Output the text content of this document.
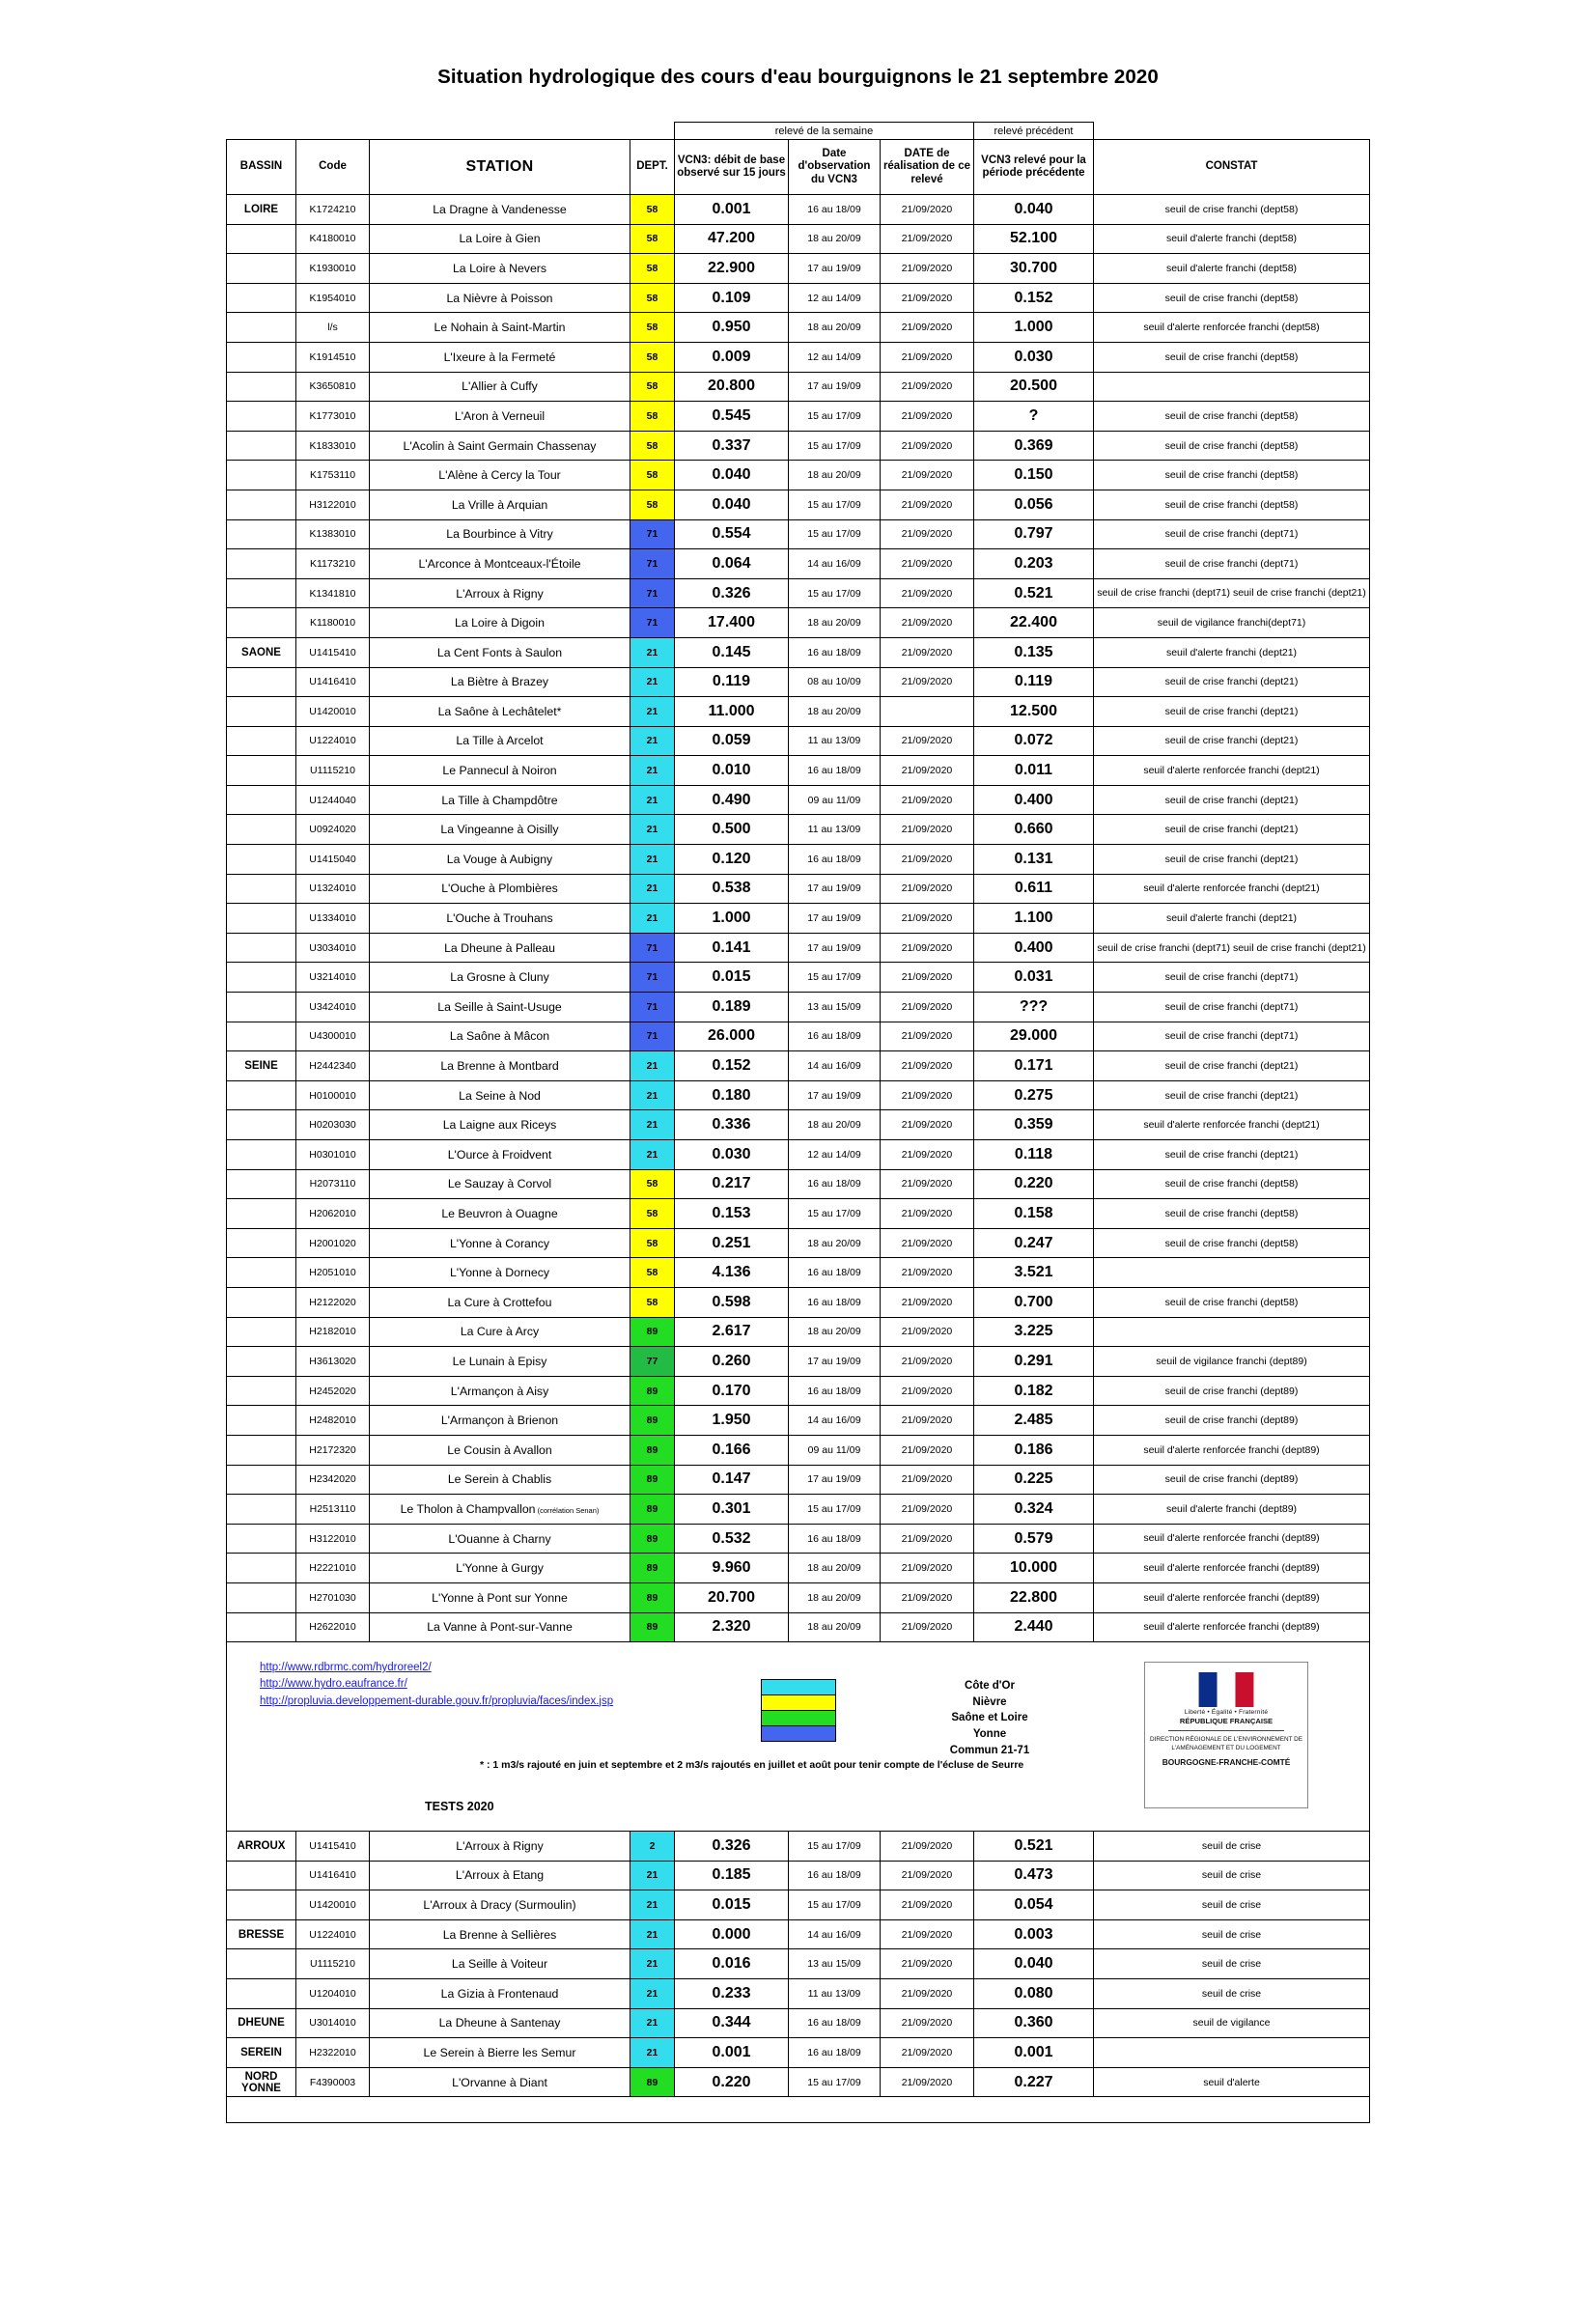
Situation hydrologique des cours d'eau bourguignons le 21 septembre 2020
				relevé de la semaine			relevé précédent	
BASSIN	Code	STATION	DEPT.	VCN3: débit de base observé sur 15 jours	Date d'observation du VCN3	DATE de réalisation de ce relevé	VCN3 relevé pour la période précédente	CONSTAT
LOIRE	K1724210	La Dragne à Vandenesse	58	0.001	16 au 18/09	21/09/2020	0.040	seuil de crise franchi (dept58)
	K4180010	La Loire à Gien	58	47.200	18 au 20/09	21/09/2020	52.100	seuil d'alerte franchi (dept58)
	K1930010	La Loire à Nevers	58	22.900	17 au 19/09	21/09/2020	30.700	seuil d'alerte franchi (dept58)
	K1954010	La Nièvre à Poisson	58	0.109	12 au 14/09	21/09/2020	0.152	seuil de crise franchi (dept58)
	l/s	Le Nohain à Saint-Martin	58	0.950	18 au 20/09	21/09/2020	1.000	seuil d'alerte renforcée franchi (dept58)
	K1914510	L'Ixeure à la Fermeté	58	0.009	12 au 14/09	21/09/2020	0.030	seuil de crise franchi (dept58)
	K3650810	L'Allier à Cuffy	58	20.800	17 au 19/09	21/09/2020	20.500	
	K1773010	L'Aron à Verneuil	58	0.545	15 au 17/09	21/09/2020	?	seuil de crise franchi (dept58)
	K1833010	L'Acolin à Saint Germain Chassenay	58	0.337	15 au 17/09	21/09/2020	0.369	seuil de crise franchi (dept58)
	K1753110	L'Alène à Cercy la Tour	58	0.040	18 au 20/09	21/09/2020	0.150	seuil de crise franchi (dept58)
	H3122010	La Vrille à Arquian	58	0.040	15 au 17/09	21/09/2020	0.056	seuil de crise franchi (dept58)
	K1383010	La Bourbince à Vitry	71	0.554	15 au 17/09	21/09/2020	0.797	seuil de crise franchi (dept71)
	K1173210	L'Arconce à Montceaux-l'Étoile	71	0.064	14 au 16/09	21/09/2020	0.203	seuil de crise franchi (dept71)
	K1341810	L'Arroux à Rigny	71	0.326	15 au 17/09	21/09/2020	0.521	seuil de crise franchi (dept71) seuil de crise franchi (dept21)
	K1180010	La Loire à Digoin	71	17.400	18 au 20/09	21/09/2020	22.400	seuil de vigilance franchi(dept71)
SAONE	U1415410	La Cent Fonts à Saulon	21	0.145	16 au 18/09	21/09/2020	0.135	seuil d'alerte franchi (dept21)
	U1416410	La Biètre à Brazey	21	0.119	08 au 10/09	21/09/2020	0.119	seuil de crise franchi (dept21)
	U1420010	La Saône à Lechâtelet*	21	11.000	18 au 20/09		12.500	seuil de crise franchi (dept21)
	U1224010	La Tille à Arcelot	21	0.059	11 au 13/09	21/09/2020	0.072	seuil de crise franchi (dept21)
	U1115210	Le Pannecul à Noiron	21	0.010	16 au 18/09	21/09/2020	0.011	seuil d'alerte renforcée franchi (dept21)
	U1244040	La Tille à Champdôtre	21	0.490	09 au 11/09	21/09/2020	0.400	seuil de crise franchi (dept21)
	U0924020	La Vingeanne à Oisilly	21	0.500	11 au 13/09	21/09/2020	0.660	seuil de crise franchi (dept21)
	U1415040	La Vouge à Aubigny	21	0.120	16 au 18/09	21/09/2020	0.131	seuil de crise franchi (dept21)
	U1324010	L'Ouche à Plombières	21	0.538	17 au 19/09	21/09/2020	0.611	seuil d'alerte renforcée franchi (dept21)
	U1334010	L'Ouche à Trouhans	21	1.000	17 au 19/09	21/09/2020	1.100	seuil d'alerte franchi (dept21)
	U3034010	La Dheune à Palleau	71	0.141	17 au 19/09	21/09/2020	0.400	seuil de crise franchi (dept71) seuil de crise franchi (dept21)
	U3214010	La Grosne à Cluny	71	0.015	15 au 17/09	21/09/2020	0.031	seuil de crise franchi (dept71)
	U3424010	La Seille à Saint-Usuge	71	0.189	13 au 15/09	21/09/2020	???	seuil de crise franchi (dept71)
	U4300010	La Saône à Mâcon	71	26.000	16 au 18/09	21/09/2020	29.000	seuil de crise franchi (dept71)
SEINE	H2442340	La Brenne à Montbard	21	0.152	14 au 16/09	21/09/2020	0.171	seuil de crise franchi (dept21)
	H0100010	La Seine à Nod	21	0.180	17 au 19/09	21/09/2020	0.275	seuil de crise franchi (dept21)
	H0203030	La Laigne aux Riceys	21	0.336	18 au 20/09	21/09/2020	0.359	seuil d'alerte renforcée franchi (dept21)
	H0301010	L'Ource à Froidvent	21	0.030	12 au 14/09	21/09/2020	0.118	seuil de crise franchi (dept21)
	H2073110	Le Sauzay à Corvol	58	0.217	16 au 18/09	21/09/2020	0.220	seuil de crise franchi (dept58)
	H2062010	Le Beuvron à Ouagne	58	0.153	15 au 17/09	21/09/2020	0.158	seuil de crise franchi (dept58)
	H2001020	L'Yonne à Corancy	58	0.251	18 au 20/09	21/09/2020	0.247	seuil de crise franchi (dept58)
	H2051010	L'Yonne à Dornecy	58	4.136	16 au 18/09	21/09/2020	3.521	
	H2122020	La Cure à Crottefou	58	0.598	16 au 18/09	21/09/2020	0.700	seuil de crise franchi (dept58)
	H2182010	La Cure à Arcy	89	2.617	18 au 20/09	21/09/2020	3.225	
	H3613020	Le Lunain à Episy	77	0.260	17 au 19/09	21/09/2020	0.291	seuil de vigilance franchi (dept89)
	H2452020	L'Armançon à Aisy	89	0.170	16 au 18/09	21/09/2020	0.182	seuil de crise franchi (dept89)
	H2482010	L'Armançon à Brienon	89	1.950	14 au 16/09	21/09/2020	2.485	seuil de crise franchi (dept89)
	H2172320	Le Cousin à Avallon	89	0.166	09 au 11/09	21/09/2020	0.186	seuil d'alerte renforcée franchi (dept89)
	H2342020	Le Serein à Chablis	89	0.147	17 au 19/09	21/09/2020	0.225	seuil de crise franchi (dept89)
	H2513110	Le Tholon à Champvallon (corrélation Senan)	89	0.301	15 au 17/09	21/09/2020	0.324	seuil d'alerte franchi (dept89)
	H3122010	L'Ouanne à Charny	89	0.532	16 au 18/09	21/09/2020	0.579	seuil d'alerte renforcée franchi (dept89)
	H2221010	L'Yonne à Gurgy	89	9.960	18 au 20/09	21/09/2020	10.000	seuil d'alerte renforcée franchi (dept89)
	H2701030	L'Yonne à Pont sur Yonne	89	20.700	18 au 20/09	21/09/2020	22.800	seuil d'alerte renforcée franchi (dept89)
	H2622010	La Vanne à Pont-sur-Vanne	89	2.320	18 au 20/09	21/09/2020	2.440	seuil d'alerte renforcée franchi (dept89)

http://www.rdbrmc.com/hydroreel2/
http://www.hydro.eaufrance.fr/
http://propluvia.developpement-durable.gouv.fr/propluvia/faces/index.jsp
Côte d'Or
Nièvre
Saône et Loire
Yonne
Commun 21-71
Liberté • Égalité • Fraternité
RÉPUBLIQUE FRANÇAISE
DIRECTION RÉGIONALE DE L'ENVIRONNEMENT DE L'AMÉNAGEMENT ET DU LOGEMENT
BOURGOGNE-FRANCHE-COMTÉ
* : 1 m3/s rajouté en juin et septembre et 2 m3/s rajoutés en juillet et août pour tenir compte de l'écluse de Seurre
TESTS 2020

ARROUX	U1415410	L'Arroux à Rigny	2	0.326	15 au 17/09	21/09/2020	0.521	seuil de crise
	U1416410	L'Arroux à Etang	21	0.185	16 au 18/09	21/09/2020	0.473	seuil de crise
	U1420010	L'Arroux à Dracy (Surmoulin)	21	0.015	15 au 17/09	21/09/2020	0.054	seuil de crise
BRESSE	U1224010	La Brenne à Sellières	21	0.000	14 au 16/09	21/09/2020	0.003	seuil de crise
	U1115210	La Seille à Voiteur	21	0.016	13 au 15/09	21/09/2020	0.040	seuil de crise
	U1204010	La Gizia à Frontenaud	21	0.233	11 au 13/09	21/09/2020	0.080	seuil de crise
DHEUNE	U3014010	La Dheune à Santenay	21	0.344	16 au 18/09	21/09/2020	0.360	seuil de vigilance
SEREIN	H2322010	Le Serein à Bierre les Semur	21	0.001	16 au 18/09	21/09/2020	0.001	
NORD YONNE	F4390003	L'Orvanne à Diant	89	0.220	15 au 17/09	21/09/2020	0.227	seuil d'alerte
